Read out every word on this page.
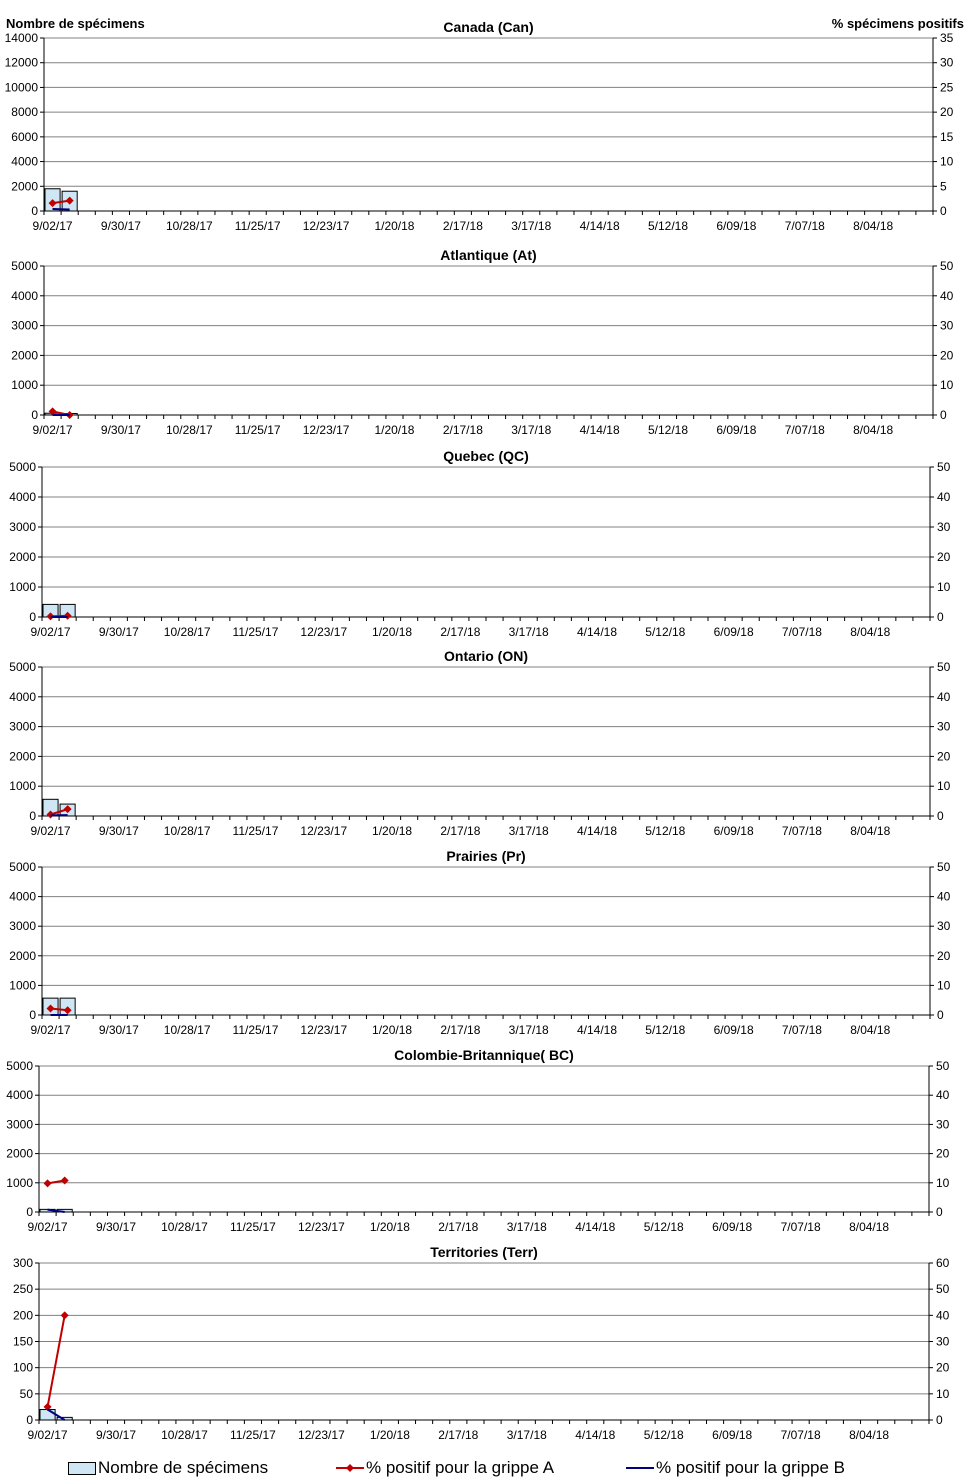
0
2000
4000
6000
8000
10000
12000
14000
0
5
10
15
20
25
30
35
9/02/17 9/30/17 10/28/17 11/25/17 12/23/17 1/20/18 2/17/18 3/17/18 4/14/18 5/12/18 6/09/18 7/07/18 8/04/18
Canada (Can)
0
1000
2000
3000
4000
5000
0
10
20
30
40
50
9/02/17 9/30/17 10/28/17 11/25/17 12/23/17 1/20/18 2/17/18 3/17/18 4/14/18 5/12/18 6/09/18 7/07/18 8/04/18
Atlantique (At)
0
1000
2000
3000
4000
5000
0
10
20
30
40
50
9/02/17 9/30/17 10/28/17 11/25/17 12/23/17 1/20/18 2/17/18 3/17/18 4/14/18 5/12/18 6/09/18 7/07/18 8/04/18
Quebec (QC)
0
1000
2000
3000
4000
5000
0
10
20
30
40
50
9/02/17 9/30/17 10/28/17 11/25/17 12/23/17 1/20/18 2/17/18 3/17/18 4/14/18 5/12/18 6/09/18 7/07/18 8/04/18
Ontario (ON)
0
1000
2000
3000
4000
5000
0
10
20
30
40
50
9/02/17 9/30/17 10/28/17 11/25/17 12/23/17 1/20/18 2/17/18 3/17/18 4/14/18 5/12/18 6/09/18 7/07/18 8/04/18
Prairies (Pr)
0
1000
2000
3000
4000
5000
0
10
20
30
40
50
9/02/17 9/30/17 10/28/17 11/25/17 12/23/17 1/20/18 2/17/18 3/17/18 4/14/18 5/12/18 6/09/18 7/07/18 8/04/18
Colombie-Britannique( BC)
0
50
100
150
200
250
300
0
10
20
30
40
50
60
9/02/17 9/30/17 10/28/17 11/25/17 12/23/17 1/20/18 2/17/18 3/17/18 4/14/18 5/12/18 6/09/18 7/07/18 8/04/18
Territories (Terr)
Nombre de spécimens	% spécimens positifs
Nombre de spécimens	% positif pour la grippe A	% positif pour la grippe B
